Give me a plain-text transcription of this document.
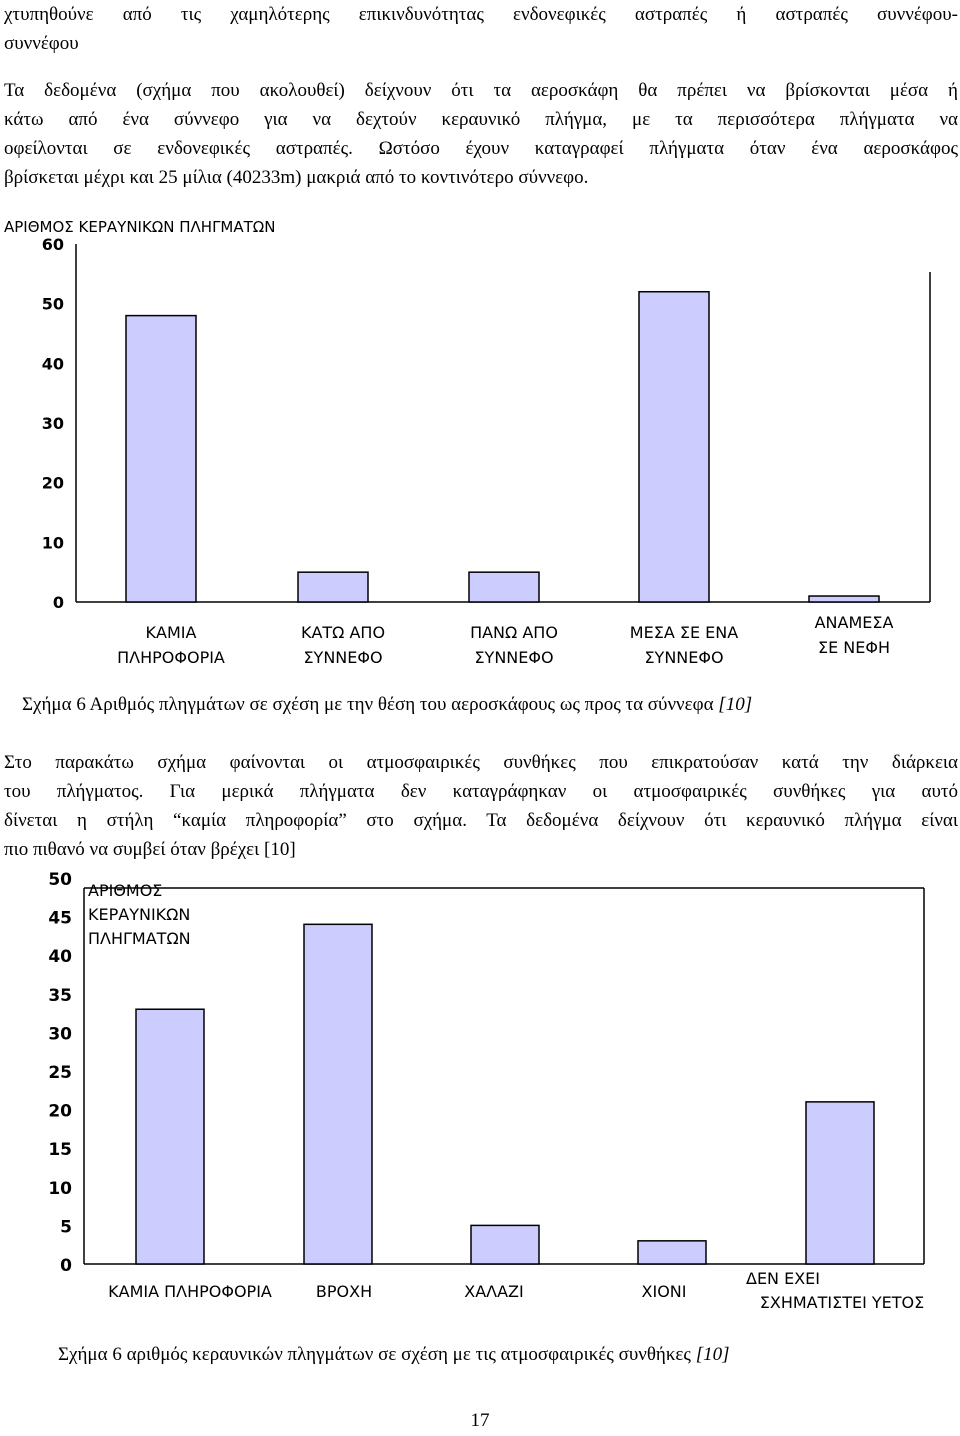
χτυπηθούνε από τις χαμηλότερης επικινδυνότητας ενδονεφικές αστραπές ή αστραπές συννέφου-
συννέφου
Τα δεδομένα (σχήμα που ακολουθεί) δείχνουν ότι τα αεροσκάφη θα πρέπει να βρίσκονται μέσα ή
κάτω από ένα σύννεφο για να δεχτούν κεραυνικό πλήγμα, με τα περισσότερα πλήγματα να
οφείλονται σε ενδονεφικές αστραπές. Ωστόσο έχουν καταγραφεί πλήγματα όταν ένα αεροσκάφος
βρίσκεται μέχρι και 25 μίλια (40233m) μακριά από το κοντινότερο σύννεφο.
ΑΡΙΘΜΟΣ ΚΕΡΑΥΝΙΚΩΝ ΠΛΗΓΜΑΤΩΝ
0
10
20
30
40
50
60
ΚΑΜΙΑ
ΠΛΗΡΟΦΟΡΙΑ
ΚΑΤΩ ΑΠΟ
ΣΥΝΝΕΦΟ
ΠΑΝΩ ΑΠΟ
ΣΥΝΝΕΦΟ
ΜΕΣΑ ΣΕ ΕΝΑ
ΣΥΝΝΕΦΟ
ΑΝΑΜΕΣΑ
ΣΕ ΝΕΦΗ

Σχήμα 6 Αριθμός πληγμάτων σε σχέση με την θέση του αεροσκάφους ως προς τα σύννεφα [10]

Στο παρακάτω σχήμα φαίνονται οι ατμοσφαιρικές συνθήκες που επικρατούσαν κατά την διάρκεια
του πλήγματος. Για μερικά πλήγματα δεν καταγράφηκαν οι ατμοσφαιρικές συνθήκες για αυτό
δίνεται η στήλη “καμία πληροφορία” στο σχήμα. Τα δεδομένα δείχνουν ότι κεραυνικό πλήγμα είναι
πιο πιθανό να συμβεί όταν βρέχει [10]
ΑΡΙΘΜΟΣ
ΚΕΡΑΥΝΙΚΩΝ
ΠΛΗΓΜΑΤΩΝ
0
5
10
15
20
25
30
35
40
45
50
ΚΑΜΙΑ ΠΛΗΡΟΦΟΡΙΑ	ΒΡΟΧΗ	ΧΑΛΑΖΙ	ΧΙΟΝΙ
ΔΕΝ ΕΧΕΙ
ΣΧΗΜΑΤΙΣΤΕΙ ΥΕΤΟΣ

Σχήμα 6 αριθμός κεραυνικών πληγμάτων σε σχέση με τις ατμοσφαιρικές συνθήκες [10]

17
